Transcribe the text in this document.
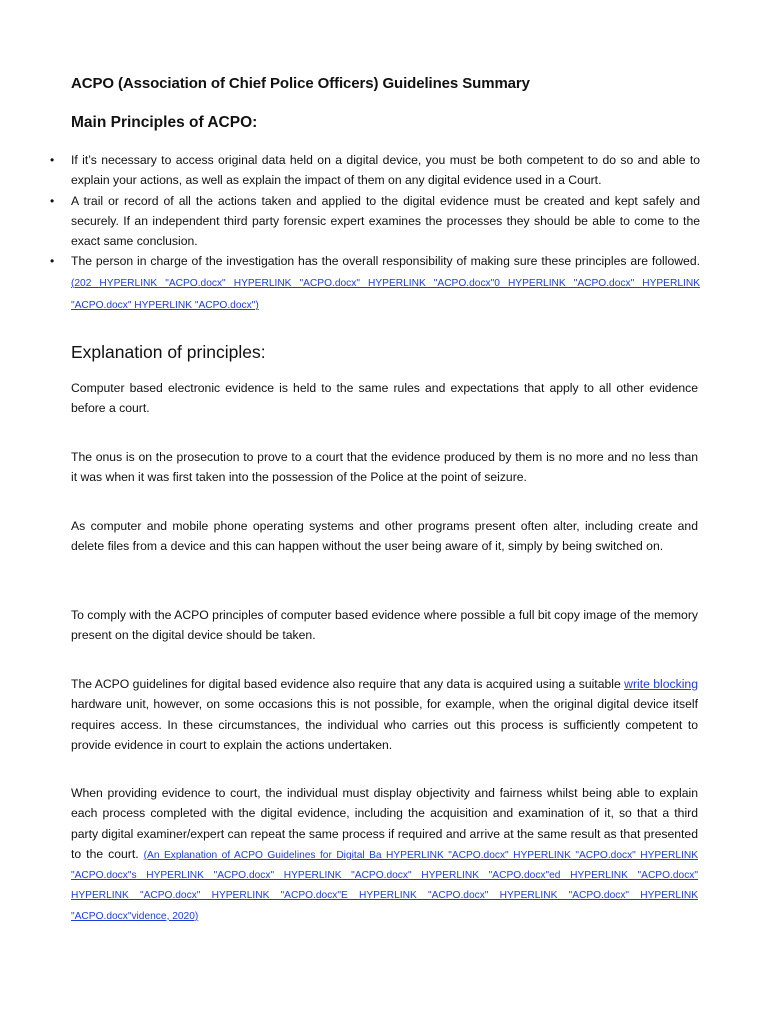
ACPO (Association of Chief Police Officers) Guidelines Summary
Main Principles of ACPO:
•	If it’s necessary to access original data held on a digital device, you must be both competent to do so and able to explain your actions, as well as explain the impact of them on any digital evidence used in a Court.
•	A trail or record of all the actions taken and applied to the digital evidence must be created and kept safely and securely. If an independent third party forensic expert examines the processes they should be able to come to the exact same conclusion.
•	The person in charge of the investigation has the overall responsibility of making sure these principles are followed. (202 HYPERLINK "ACPO.docx" HYPERLINK "ACPO.docx" HYPERLINK "ACPO.docx"0 HYPERLINK "ACPO.docx" HYPERLINK "ACPO.docx" HYPERLINK "ACPO.docx")
Explanation of principles:

Computer based electronic evidence is held to the same rules and expectations that apply to all other evidence before a court.

The onus is on the prosecution to prove to a court that the evidence produced by them is no more and no less than it was when it was first taken into the possession of the Police at the point of seizure.

As computer and mobile phone operating systems and other programs present often alter, including create and delete files from a device and this can happen without the user being aware of it, simply by being switched on.

To comply with the ACPO principles of computer based evidence where possible a full bit copy image of the memory present on the digital device should be taken.

The ACPO guidelines for digital based evidence also require that any data is acquired using a suitable write blocking hardware unit, however, on some occasions this is not possible, for example, when the original digital device itself requires access. In these circumstances, the individual who carries out this process is sufficiently competent to provide evidence in court to explain the actions undertaken.

When providing evidence to court, the individual must display objectivity and fairness whilst being able to explain each process completed with the digital evidence, including the acquisition and examination of it, so that a third party digital examiner/expert can repeat the same process if required and arrive at the same result as that presented to the court. (An Explanation of ACPO Guidelines for Digital Ba HYPERLINK "ACPO.docx" HYPERLINK "ACPO.docx" HYPERLINK "ACPO.docx"s HYPERLINK "ACPO.docx" HYPERLINK "ACPO.docx" HYPERLINK "ACPO.docx"ed HYPERLINK "ACPO.docx" HYPERLINK "ACPO.docx" HYPERLINK "ACPO.docx"E HYPERLINK "ACPO.docx" HYPERLINK "ACPO.docx" HYPERLINK "ACPO.docx"vidence, 2020)
